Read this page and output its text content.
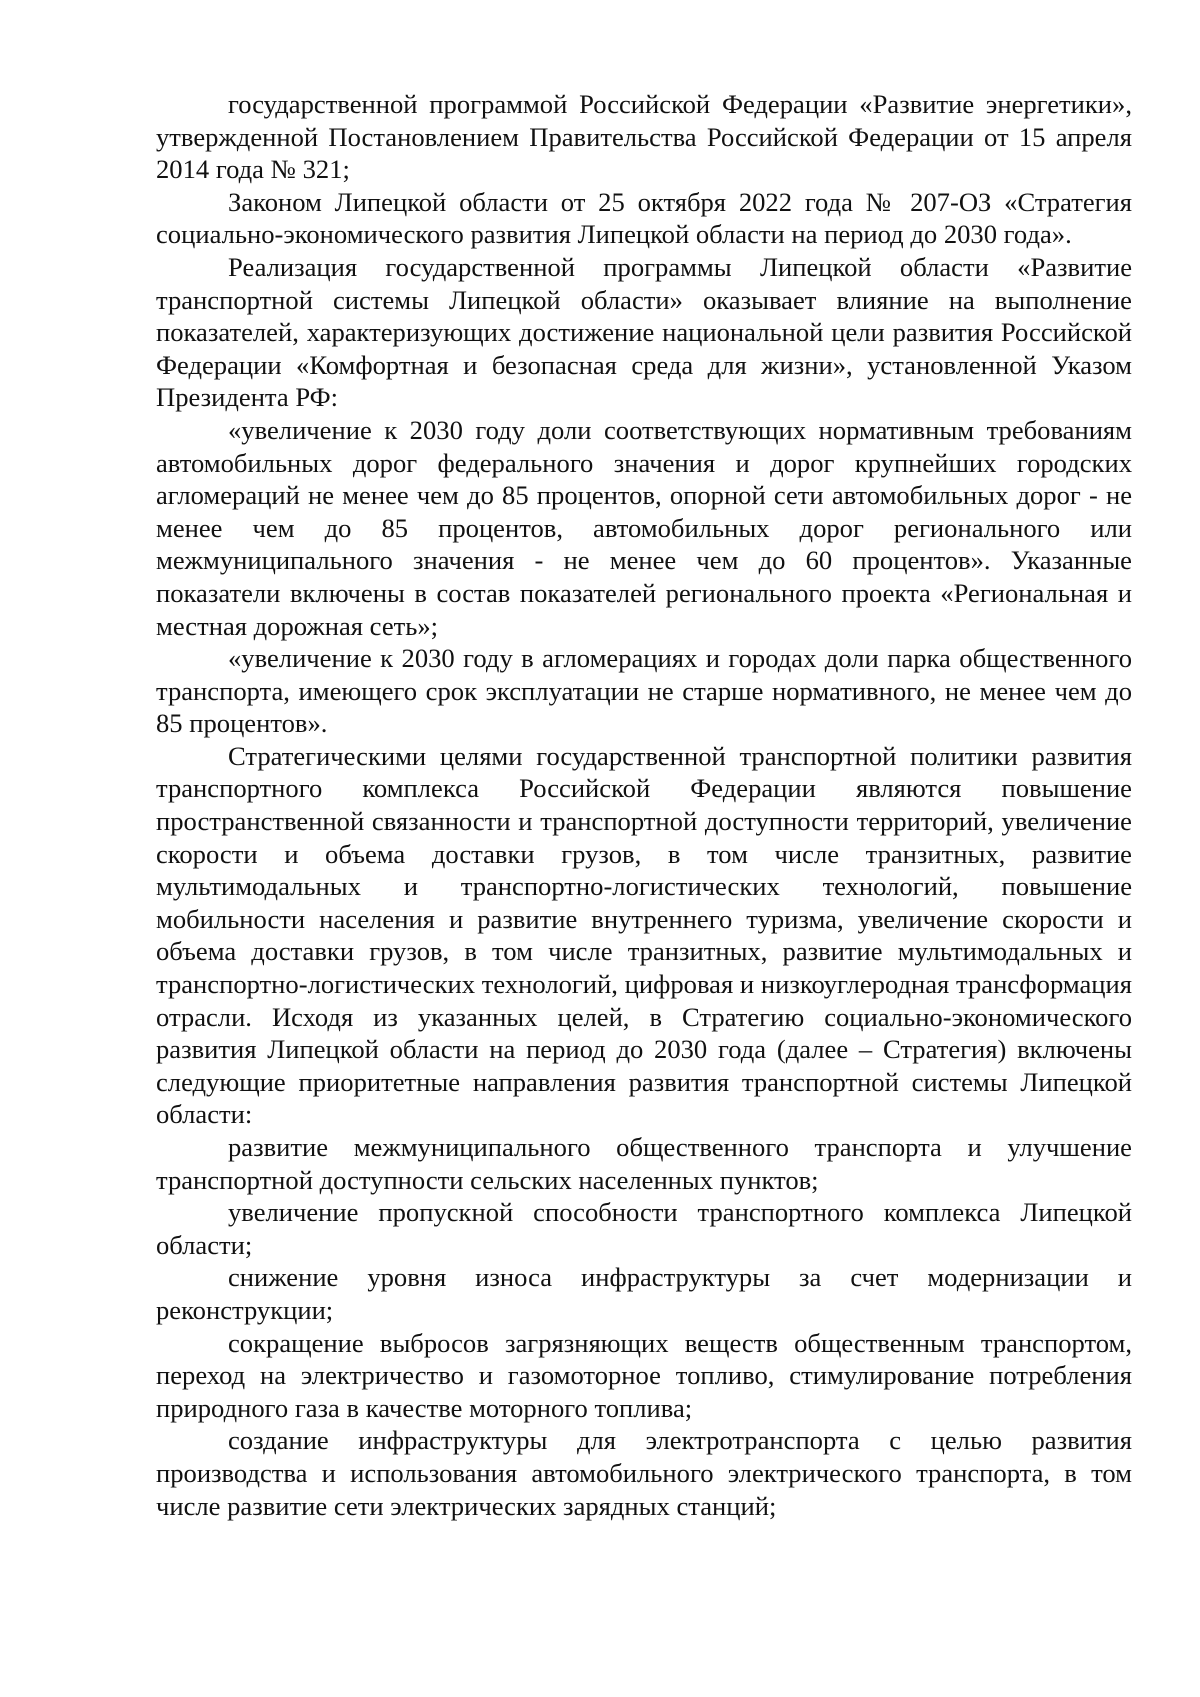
государственной программой Российской Федерации «Развитие энергетики», утвержденной Постановлением Правительства Российской Федерации от 15 апреля 2014 года № 321;

Законом Липецкой области от 25 октября 2022 года № 207-ОЗ «Стратегия социально-экономического развития Липецкой области на период до 2030 года».

Реализация государственной программы Липецкой области «Развитие транспортной системы Липецкой области» оказывает влияние на выполнение показателей, характеризующих достижение национальной цели развития Российской Федерации «Комфортная и безопасная среда для жизни», установленной Указом Президента РФ:

«увеличение к 2030 году доли соответствующих нормативным требованиям автомобильных дорог федерального значения и дорог крупнейших городских агломераций не менее чем до 85 процентов, опорной сети автомобильных дорог - не менее чем до 85 процентов, автомобильных дорог регионального или межмуниципального значения - не менее чем до 60 процентов». Указанные показатели включены в состав показателей регионального проекта «Региональная и местная дорожная сеть»;

«увеличение к 2030 году в агломерациях и городах доли парка общественного транспорта, имеющего срок эксплуатации не старше нормативного, не менее чем до 85 процентов».

Стратегическими целями государственной транспортной политики развития транспортного комплекса Российской Федерации являются повышение пространственной связанности и транспортной доступности территорий, увеличение скорости и объема доставки грузов, в том числе транзитных, развитие мультимодальных и транспортно-логистических технологий, повышение мобильности населения и развитие внутреннего туризма, увеличение скорости и объема доставки грузов, в том числе транзитных, развитие мультимодальных и транспортно-логистических технологий, цифровая и низкоуглеродная трансформация отрасли. Исходя из указанных целей, в Стратегию социально-экономического развития Липецкой области на период до 2030 года (далее – Стратегия) включены следующие приоритетные направления развития транспортной системы Липецкой области:

развитие межмуниципального общественного транспорта и улучшение транспортной доступности сельских населенных пунктов;

увеличение пропускной способности транспортного комплекса Липецкой области;

снижение уровня износа инфраструктуры за счет модернизации и реконструкции;

сокращение выбросов загрязняющих веществ общественным транспортом, переход на электричество и газомоторное топливо, стимулирование потребления природного газа в качестве моторного топлива;

создание инфраструктуры для электротранспорта с целью развития производства и использования автомобильного электрического транспорта, в том числе развитие сети электрических зарядных станций;
